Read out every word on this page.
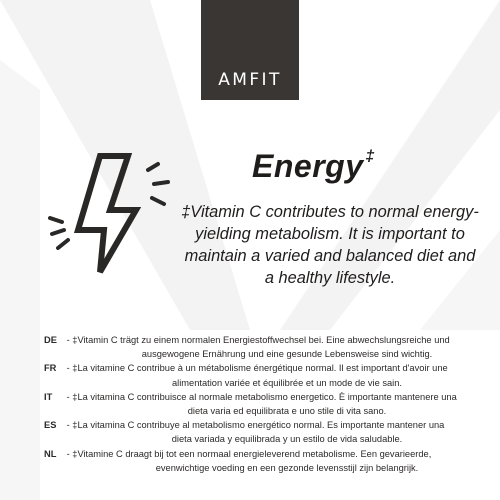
AMFIT
Energy ‡
‡Vitamin C contributes to normal energy-yielding metabolism. It is important to maintain a varied and balanced diet and a healthy lifestyle.
DE - ‡Vitamin C trägt zu einem normalen Energiestoffwechsel bei. Eine abwechslungsreiche und
ausgewogene Ernährung und eine gesunde Lebensweise sind wichtig.
FR - ‡La vitamine C contribue à un métabolisme énergétique normal. Il est important d'avoir une
alimentation variée et équilibrée et un mode de vie sain.
IT - ‡La vitamina C contribuisce al normale metabolismo energetico. È importante mantenere una
dieta varia ed equilibrata e uno stile di vita sano.
ES - ‡La vitamina C contribuye al metabolismo energético normal. Es importante mantener una
dieta variada y equilibrada y un estilo de vida saludable.
NL - ‡Vitamine C draagt bij tot een normaal energieleverend metabolisme. Een gevarieerde,
evenwichtige voeding en een gezonde levensstijl zijn belangrijk.
